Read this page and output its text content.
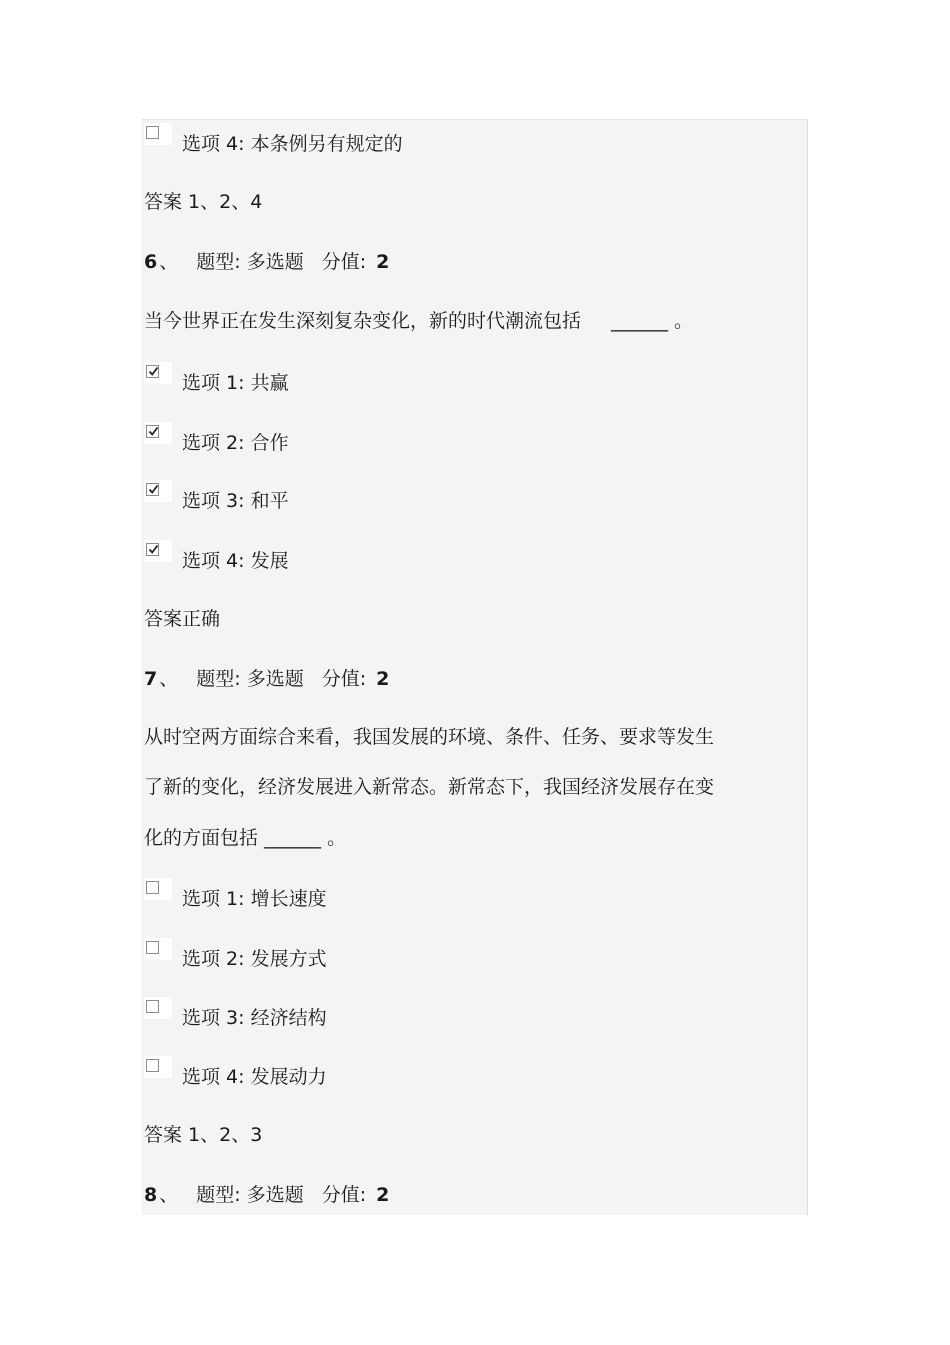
选项 4: 本条例另有规定的
答案 1、2、4
6 、 题型: 多选题 分值: 2
当今世界正在发生深刻复杂变化，新的时代潮流包括 ______ 。
选项 1: 共赢
选项 2: 合作
选项 3: 和平
选项 4: 发展
答案正确
7 、 题型: 多选题 分值: 2
从时空两方面综合来看，我国发展的环境、条件、任务、要求等发生
了新的变化，经济发展进入新常态。新常态下，我国经济发展存在变
化的方面包括 ______ 。
选项 1: 增长速度
选项 2: 发展方式
选项 3: 经济结构
选项 4: 发展动力
答案 1、2、3
8 、 题型: 多选题 分值: 2
